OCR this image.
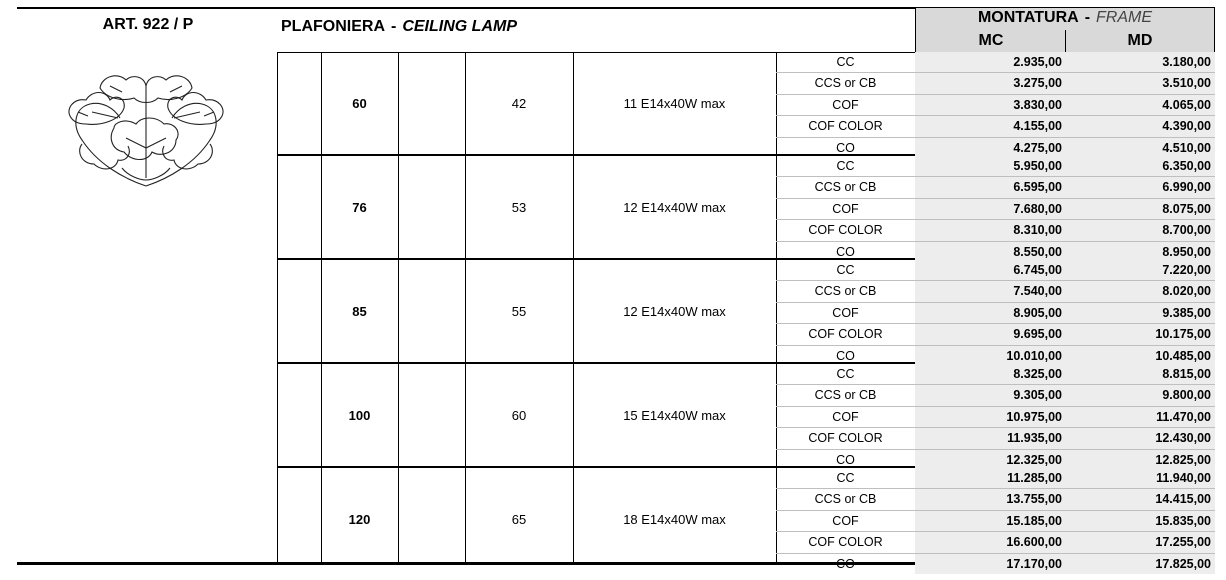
MONTATURA - FRAME
MC	MD
ART. 922 / P	PLAFONIERA - CEILING LAMP
60	42	11 E14x40W max
CC	2.935,00	3.180,00
CCS or CB	3.275,00	3.510,00
COF	3.830,00	4.065,00
COF COLOR	4.155,00	4.390,00
CO	4.275,00	4.510,00
76	53	12 E14x40W max
CC	5.950,00	6.350,00
CCS or CB	6.595,00	6.990,00
COF	7.680,00	8.075,00
COF COLOR	8.310,00	8.700,00
CO	8.550,00	8.950,00
85	55	12 E14x40W max
CC	6.745,00	7.220,00
CCS or CB	7.540,00	8.020,00
COF	8.905,00	9.385,00
COF COLOR	9.695,00	10.175,00
CO	10.010,00	10.485,00
100	60	15 E14x40W max
CC	8.325,00	8.815,00
CCS or CB	9.305,00	9.800,00
COF	10.975,00	11.470,00
COF COLOR	11.935,00	12.430,00
CO	12.325,00	12.825,00
120	65	18 E14x40W max
CC	11.285,00	11.940,00
CCS or CB	13.755,00	14.415,00
COF	15.185,00	15.835,00
COF COLOR	16.600,00	17.255,00
CO	17.170,00	17.825,00
